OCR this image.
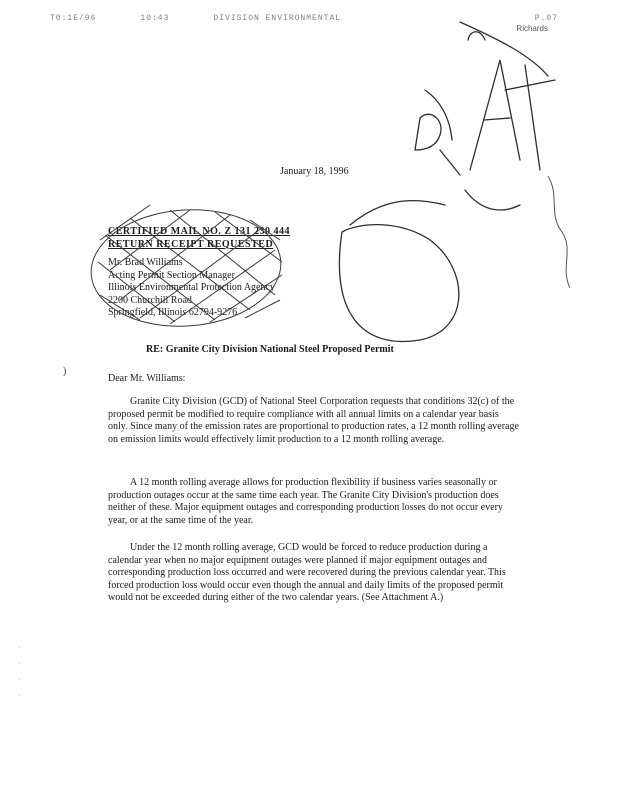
T0:1E/96	10:43	DIVISION ENVIRONMENTAL	P.07
Richards
January 18, 1996
CERTIFIED MAIL NO. Z 131 230 444
RETURN RECEIPT REQUESTED
Mr. Brad Williams
Acting Permit Section Manager
Illinois Environmental Protection Agency
2200 Churchill Road
Springfield, Illinois 62794-9276
RE: Granite City Division National Steel Proposed Permit
)
Dear Mr. Williams:
Granite City Division (GCD) of National Steel Corporation requests that conditions 32(c) of the proposed permit be modified to require compliance with all annual limits on a calendar year basis only. Since many of the emission rates are proportional to production rates, a 12 month rolling average on emission limits would effectively limit production to a 12 month rolling average.
A 12 month rolling average allows for production flexibility if business varies seasonally or production outages occur at the same time each year. The Granite City Division's production does neither of these. Major equipment outages and corresponding production losses do not occur every year, or at the same time of the year.
Under the 12 month rolling average, GCD would be forced to reduce production during a calendar year when no major equipment outages were planned if major equipment outages and corresponding production loss occurred and were recovered during the previous calendar year. This forced production loss would occur even though the annual and daily limits of the proposed permit would not be exceeded during either of the two calendar years. (See Attachment A.)
·
·
·
·
